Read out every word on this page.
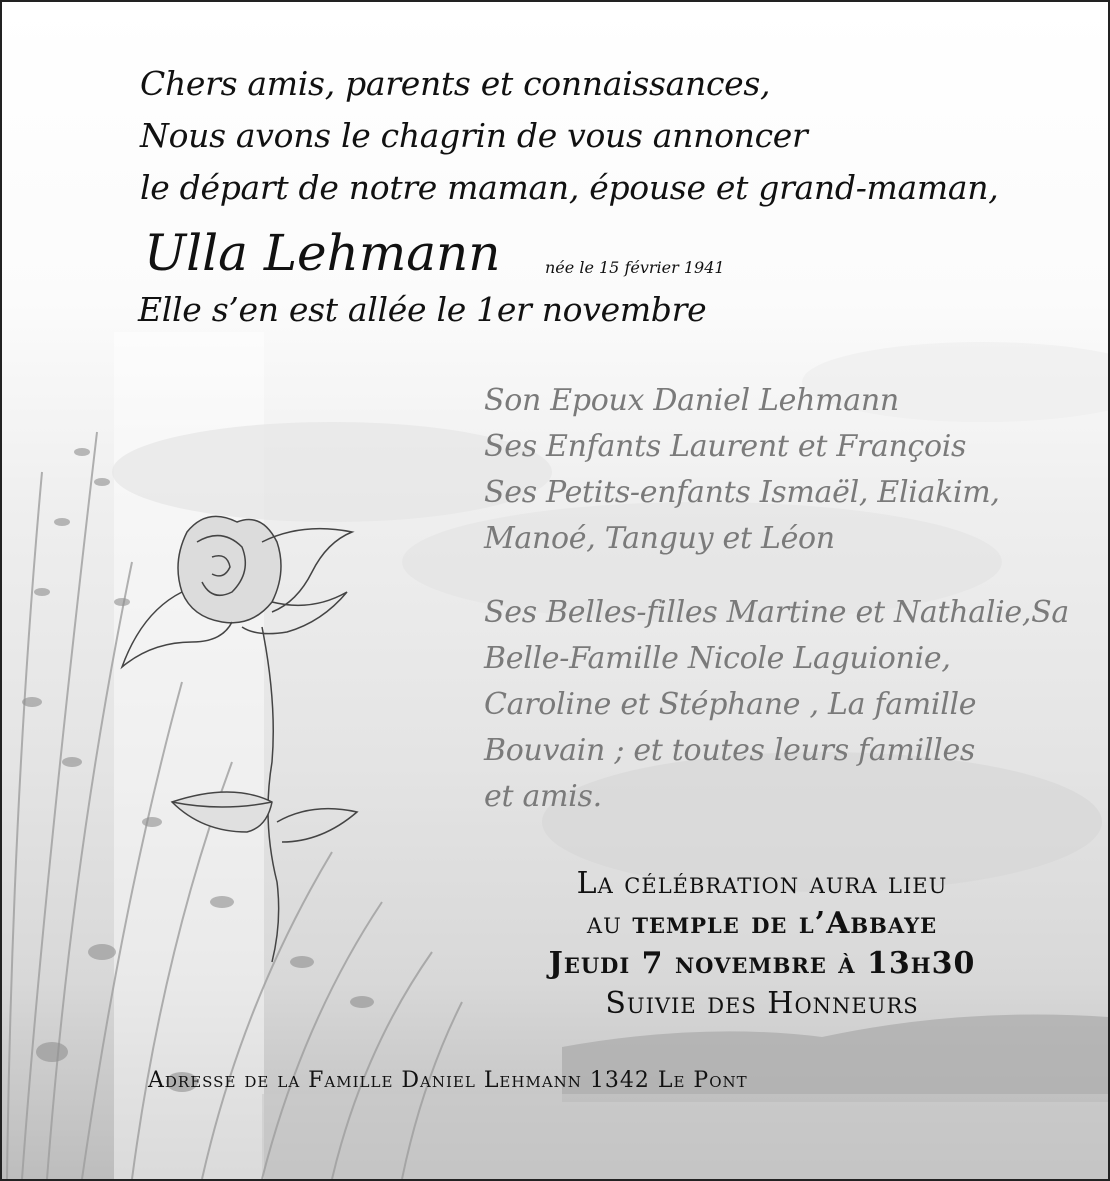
Chers amis, parents et connaissances,
Nous avons le chagrin de vous annoncer
le départ de notre maman, épouse et grand-maman,
Ulla Lehmann	née le 15 février 1941
Elle s’en est allée le 1er novembre
Son Epoux Daniel Lehmann
Ses Enfants Laurent et François
Ses Petits-enfants Ismaël, Eliakim,
Manoé, Tanguy et Léon
Ses Belles-filles Martine et Nathalie,Sa
Belle-Famille Nicole Laguionie,
Caroline et Stéphane , La famille
Bouvain ; et toutes leurs familles
et amis.
La célébration aura lieu
au temple de l’Abbaye
Jeudi 7 novembre à 13h30
Suivie des Honneurs
Adresse de la Famille Daniel Lehmann 1342 Le Pont
